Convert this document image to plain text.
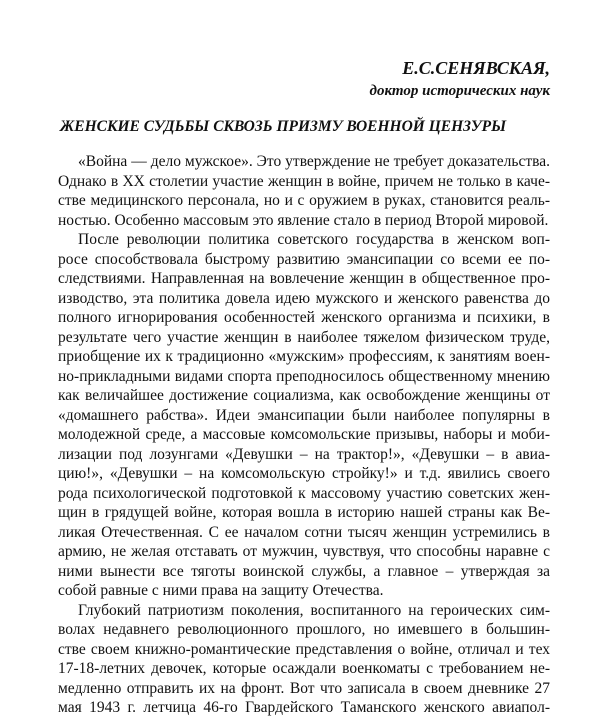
Е.С.СЕНЯВСКАЯ,
доктор исторических наук
ЖЕНСКИЕ СУДЬБЫ СКВОЗЬ ПРИЗМУ ВОЕННОЙ ЦЕНЗУРЫ
«Война — дело мужское». Это утверждение не требует доказательства.
Однако в XX столетии участие женщин в войне, причем не только в каче-
стве медицинского персонала, но и с оружием в руках, становится реаль-
ностью. Особенно массовым это явление стало в период Второй мировой.
После революции политика советского государства в женском воп-
росе способствовала быстрому развитию эмансипации со всеми ее по-
следствиями. Направленная на вовлечение женщин в общественное про-
изводство, эта политика довела идею мужского и женского равенства до
полного игнорирования особенностей женского организма и психики, в
результате чего участие женщин в наиболее тяжелом физическом труде,
приобщение их к традиционно «мужским» профессиям, к занятиям воен-
но-прикладными видами спорта преподносилось общественному мнению
как величайшее достижение социализма, как освобождение женщины от
«домашнего рабства». Идеи эмансипации были наиболее популярны в
молодежной среде, а массовые комсомольские призывы, наборы и моби-
лизации под лозунгами «Девушки – на трактор!», «Девушки – в авиа-
цию!», «Девушки – на комсомольскую стройку!» и т.д. явились своего
рода психологической подготовкой к массовому участию советских жен-
щин в грядущей войне, которая вошла в историю нашей страны как Ве-
ликая Отечественная. С ее началом сотни тысяч женщин устремились в
армию, не желая отставать от мужчин, чувствуя, что способны наравне с
ними вынести все тяготы воинской службы, а главное – утверждая за
собой равные с ними права на защиту Отечества.
Глубокий патриотизм поколения, воспитанного на героических сим-
волах недавнего революционного прошлого, но имевшего в большин-
стве своем книжно-романтические представления о войне, отличал и тех
17-18-летних девочек, которые осаждали военкоматы с требованием не-
медленно отправить их на фронт. Вот что записала в своем дневнике 27
мая 1943 г. летчица 46-го Гвардейского Таманского женского авиапол-
